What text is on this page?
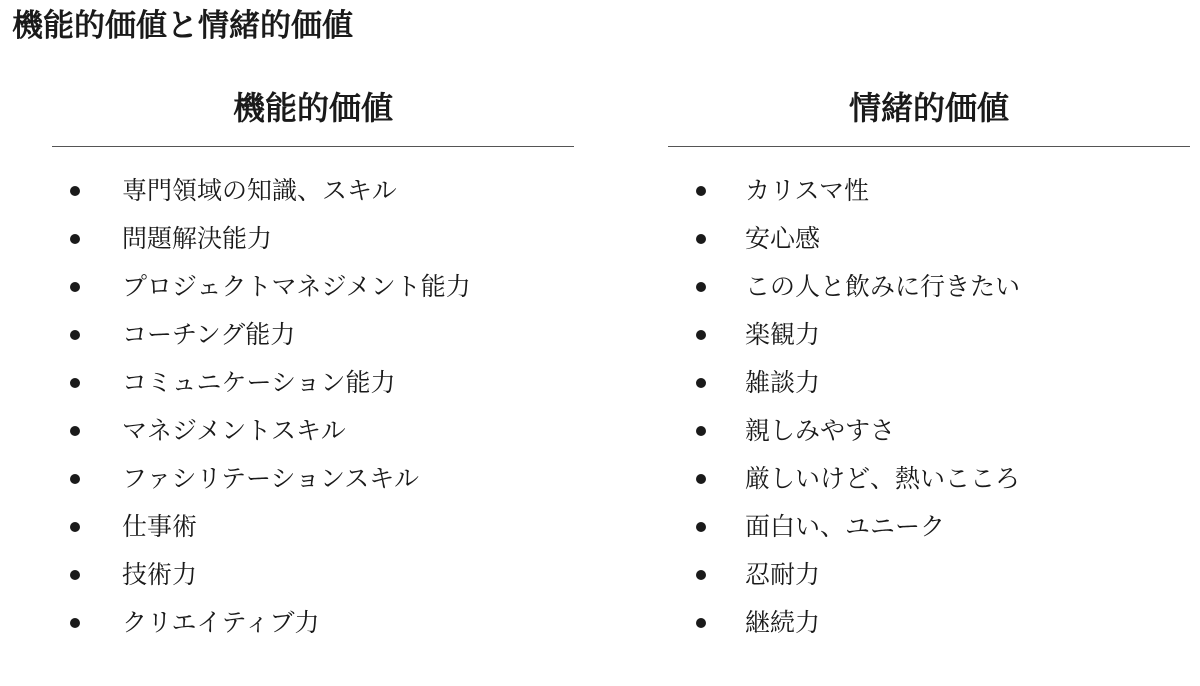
機能的価値と情緒的価値
機能的価値
専門領域の知識、スキル
問題解決能力
プロジェクトマネジメント能力
コーチング能力
コミュニケーション能力
マネジメントスキル
ファシリテーションスキル
仕事術
技術力
クリエイティブ力
情緒的価値
カリスマ性
安心感
この人と飲みに行きたい
楽観力
雑談力
親しみやすさ
厳しいけど、熱いこころ
面白い、ユニーク
忍耐力
継続力
